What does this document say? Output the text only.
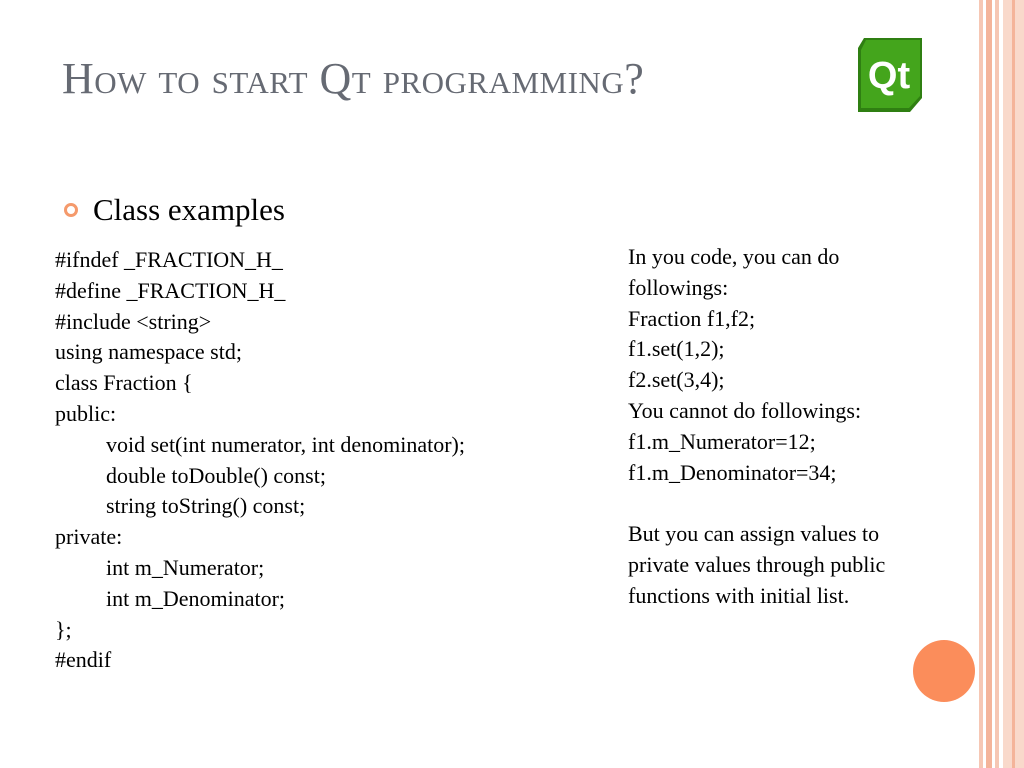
How to start Qt programming?	Qt
Class examples
#ifndef _FRACTION_H_
#define _FRACTION_H_
#include <string>
using namespace std;
class Fraction {
public:
void set(int numerator, int denominator);
double toDouble() const;
string toString() const;
private:
int m_Numerator;
int m_Denominator;
};
#endif
In you code, you can do
followings:
Fraction f1,f2;
f1.set(1,2);
f2.set(3,4);
You cannot do followings:
f1.m_Numerator=12;
f1.m_Denominator=34;
But you can assign values to
private values through public
functions with initial list.
